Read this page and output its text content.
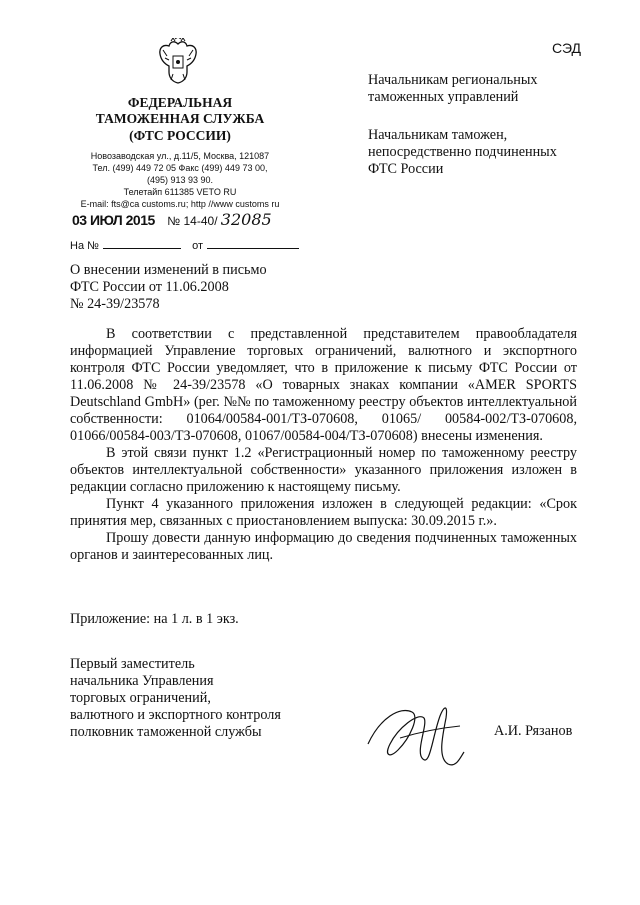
СЭД
ФЕДЕРАЛЬНАЯ
ТАМОЖЕННАЯ СЛУЖБА
(ФТС РОССИИ)
Новозаводская ул., д.11/5, Москва, 121087
Тел. (499) 449 72 05 Факс (499) 449 73 00,
(495) 913 93 90.
Телетайп 611385 VETO RU
E-mail: fts@ca customs.ru; http //www customs ru
03 ИЮЛ 2015 № 14-40/ 32085
На №	от
Начальникам региональных
таможенных управлений
Начальникам таможен,
непосредственно подчиненных
ФТС России
О внесении изменений в письмо
ФТС России от 11.06.2008
№ 24-39/23578

В соответствии с представленной представителем правообладателя информацией Управление торговых ограничений, валютного и экспортного контроля ФТС России уведомляет, что в приложение к письму ФТС России от 11.06.2008 № 24-39/23578 «О товарных знаках компании «AMER SPORTS Deutschland GmbH» (рег. №№ по таможенному реестру объектов интеллектуальной собственности: 01064/00584-001/ТЗ-070608, 01065/ 00584-002/ТЗ-070608, 01066/00584-003/ТЗ-070608, 01067/00584-004/ТЗ-070608) внесены изменения.

В этой связи пункт 1.2 «Регистрационный номер по таможенному реестру объектов интеллектуальной собственности» указанного приложения изложен в редакции согласно приложению к настоящему письму.

Пункт 4 указанного приложения изложен в следующей редакции: «Срок принятия мер, связанных с приостановлением выпуска: 30.09.2015 г.».

Прошу довести данную информацию до сведения подчиненных таможенных органов и заинтересованных лиц.

Приложение: на 1 л. в 1 экз.
Первый заместитель
начальника Управления
торговых ограничений,
валютного и экспортного контроля
полковник таможенной службы	А.И. Рязанов
